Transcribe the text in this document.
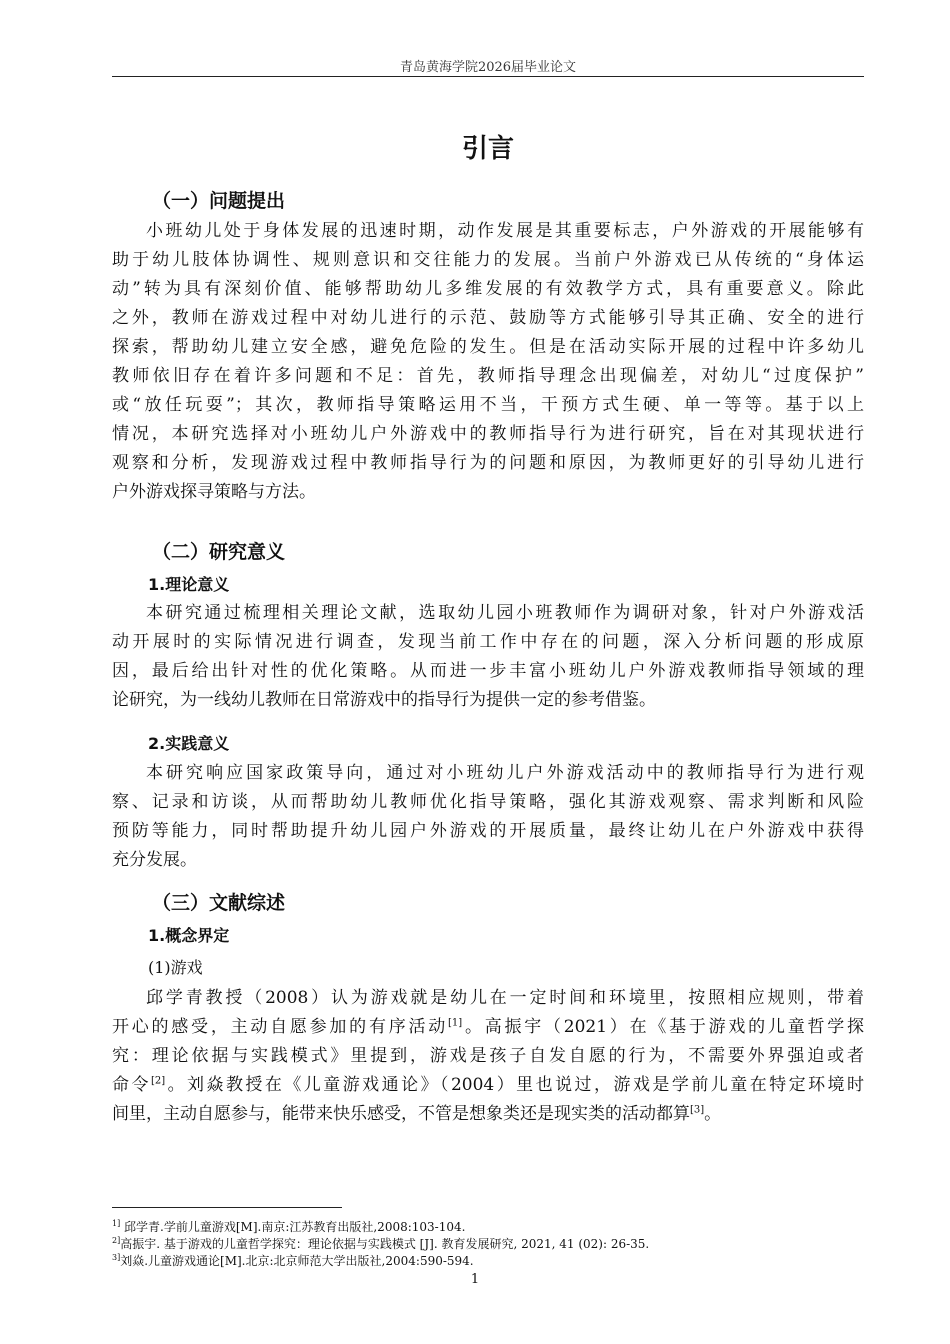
青岛黄海学院2026届毕业论文
引言
（一）问题提出
小班幼儿处于身体发展的迅速时期，动作发展是其重要标志，户外游戏的开展能够有
助于幼儿肢体协调性、规则意识和交往能力的发展。当前户外游戏已从传统的“身体运
动”转为具有深刻价值、能够帮助幼儿多维发展的有效教学方式，具有重要意义。除此
之外，教师在游戏过程中对幼儿进行的示范、鼓励等方式能够引导其正确、安全的进行
探索，帮助幼儿建立安全感，避免危险的发生。但是在活动实际开展的过程中许多幼儿
教师依旧存在着许多问题和不足：首先，教师指导理念出现偏差，对幼儿“过度保护”
或“放任玩耍”；其次，教师指导策略运用不当，干预方式生硬、单一等等。基于以上
情况，本研究选择对小班幼儿户外游戏中的教师指导行为进行研究，旨在对其现状进行
观察和分析，发现游戏过程中教师指导行为的问题和原因，为教师更好的引导幼儿进行
户外游戏探寻策略与方法。
（二）研究意义
1.理论意义
本研究通过梳理相关理论文献，选取幼儿园小班教师作为调研对象，针对户外游戏活
动开展时的实际情况进行调查，发现当前工作中存在的问题，深入分析问题的形成原
因，最后给出针对性的优化策略。从而进一步丰富小班幼儿户外游戏教师指导领域的理
论研究，为一线幼儿教师在日常游戏中的指导行为提供一定的参考借鉴。
2.实践意义
本研究响应国家政策导向，通过对小班幼儿户外游戏活动中的教师指导行为进行观
察、记录和访谈，从而帮助幼儿教师优化指导策略，强化其游戏观察、需求判断和风险
预防等能力，同时帮助提升幼儿园户外游戏的开展质量，最终让幼儿在户外游戏中获得
充分发展。
（三）文献综述
1.概念界定
(1)游戏
邱学青教授（2008）认为游戏就是幼儿在一定时间和环境里，按照相应规则，带着
开心的感受，主动自愿参加的有序活动[1]。高振宇（2021）在《基于游戏的儿童哲学探
究：理论依据与实践模式》里提到，游戏是孩子自发自愿的行为，不需要外界强迫或者
命令[2]。刘焱教授在《儿童游戏通论》（2004）里也说过，游戏是学前儿童在特定环境时
间里，主动自愿参与，能带来快乐感受，不管是想象类还是现实类的活动都算[3]。
$^{1]}$ 邱学青.学前儿童游戏[M].南京:江苏教育出版社,2008:103-104.
$^{2]}$高振宇. 基于游戏的儿童哲学探究：理论依据与实践模式 [J]. 教育发展研究, 2021, 41 (02): 26-35.
$^{3]}$刘焱.儿童游戏通论[M].北京:北京师范大学出版社,2004:590-594.
1
